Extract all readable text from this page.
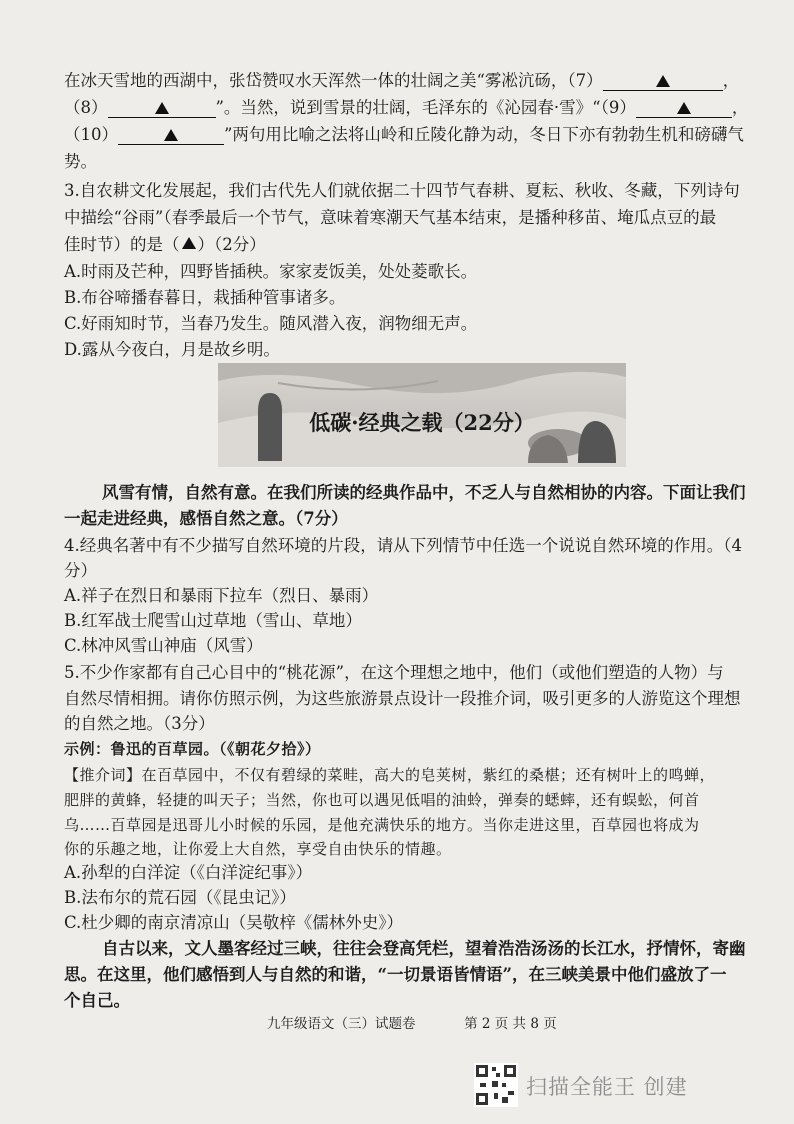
在冰天雪地的西湖中，张岱赞叹水天浑然一体的壮阔之美“雾凇沆砀，（7）	，
（8）	”。当然，说到雪景的壮阔，毛泽东的《沁园春·雪》“（9）	，
（10）	”两句用比喻之法将山岭和丘陵化静为动，冬日下亦有勃勃生机和磅礴气
势。
3.自农耕文化发展起，我们古代先人们就依据二十四节气春耕、夏耘、秋收、冬藏，下列诗句
中描绘“谷雨”（春季最后一个节气，意味着寒潮天气基本结束，是播种移苗、埯瓜点豆的最
佳时节）的是（ ）（2分）
A.时雨及芒种，四野皆插秧。家家麦饭美，处处菱歌长。
B.布谷啼播春暮日，栽插种管事诸多。
C.好雨知时节，当春乃发生。随风潜入夜，润物细无声。
D.露从今夜白，月是故乡明。
低碳·经典之载（22分）
风雪有情，自然有意。在我们所读的经典作品中，不乏人与自然相协的内容。下面让我们
一起走进经典，感悟自然之意。（7分）
4.经典名著中有不少描写自然环境的片段，请从下列情节中任选一个说说自然环境的作用。（4
分）
A.祥子在烈日和暴雨下拉车（烈日、暴雨）
B.红军战士爬雪山过草地（雪山、草地）
C.林冲风雪山神庙（风雪）
5.不少作家都有自己心目中的“桃花源”，在这个理想之地中，他们（或他们塑造的人物）与
自然尽情相拥。请你仿照示例，为这些旅游景点设计一段推介词，吸引更多的人游览这个理想
的自然之地。（3分）
示例：鲁迅的百草园。（《朝花夕拾》）
【推介词】在百草园中，不仅有碧绿的菜畦，高大的皂荚树，紫红的桑椹；还有树叶上的鸣蝉，
肥胖的黄蜂，轻捷的叫天子；当然，你也可以遇见低唱的油蛉，弹奏的蟋蟀，还有蜈蚣，何首
乌……百草园是迅哥儿小时候的乐园，是他充满快乐的地方。当你走进这里，百草园也将成为
你的乐趣之地，让你爱上大自然，享受自由快乐的情趣。
A.孙犁的白洋淀（《白洋淀纪事》）
B.法布尔的荒石园（《昆虫记》）
C.杜少卿的南京清凉山（吴敬梓《儒林外史》）
自古以来，文人墨客经过三峡，往往会登高凭栏，望着浩浩汤汤的长江水，抒情怀，寄幽
思。在这里，他们感悟到人与自然的和谐，“一切景语皆情语”，在三峡美景中他们盛放了一
个自己。
九年级语文（三）试题卷	第 2 页 共 8 页
扫描全能王 创建
